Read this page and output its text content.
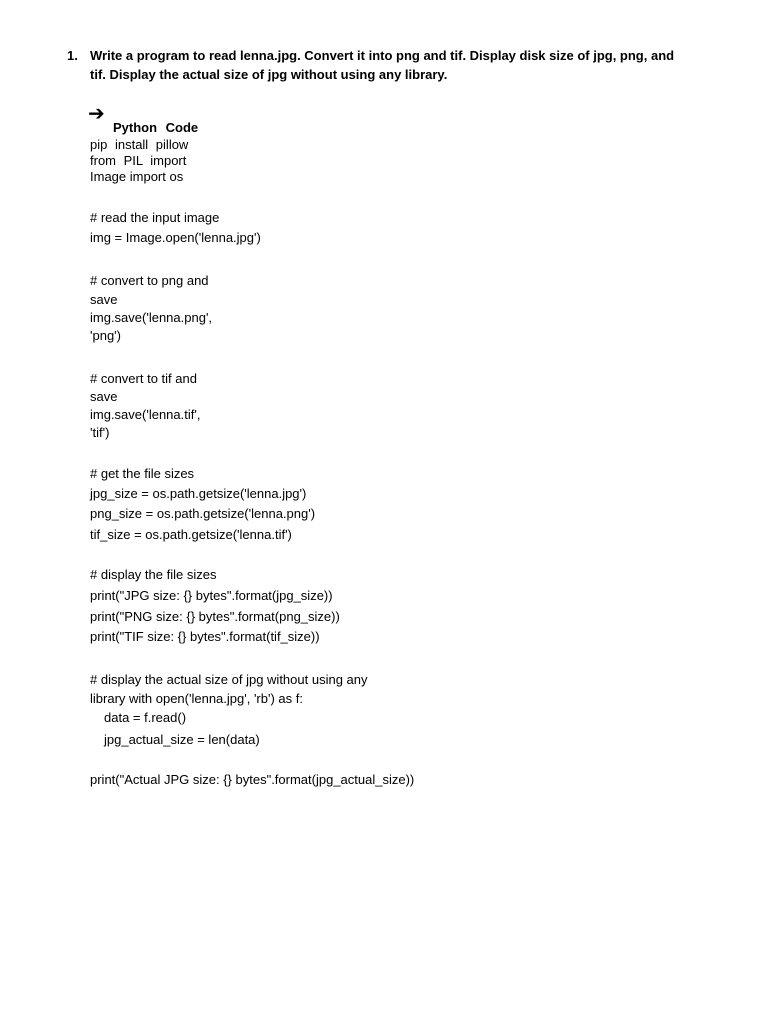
1. Write a program to read lenna.jpg. Convert it into png and tif. Display disk size of jpg, png, and tif. Display the actual size of jpg without using any library.
➔
Python Code
pip install pillow
from PIL import
Image import os
# read the input image
img = Image.open('lenna.jpg')
# convert to png and
save
img.save('lenna.png',
'png')
# convert to tif and
save
img.save('lenna.tif',
'tif')
# get the file sizes
jpg_size = os.path.getsize('lenna.jpg')
png_size = os.path.getsize('lenna.png')
tif_size = os.path.getsize('lenna.tif')
# display the file sizes
print("JPG size: {} bytes".format(jpg_size))
print("PNG size: {} bytes".format(png_size))
print("TIF size: {} bytes".format(tif_size))
# display the actual size of jpg without using any
library with open('lenna.jpg', 'rb') as f:
data = f.read()
jpg_actual_size = len(data)
print("Actual JPG size: {} bytes".format(jpg_actual_size))
